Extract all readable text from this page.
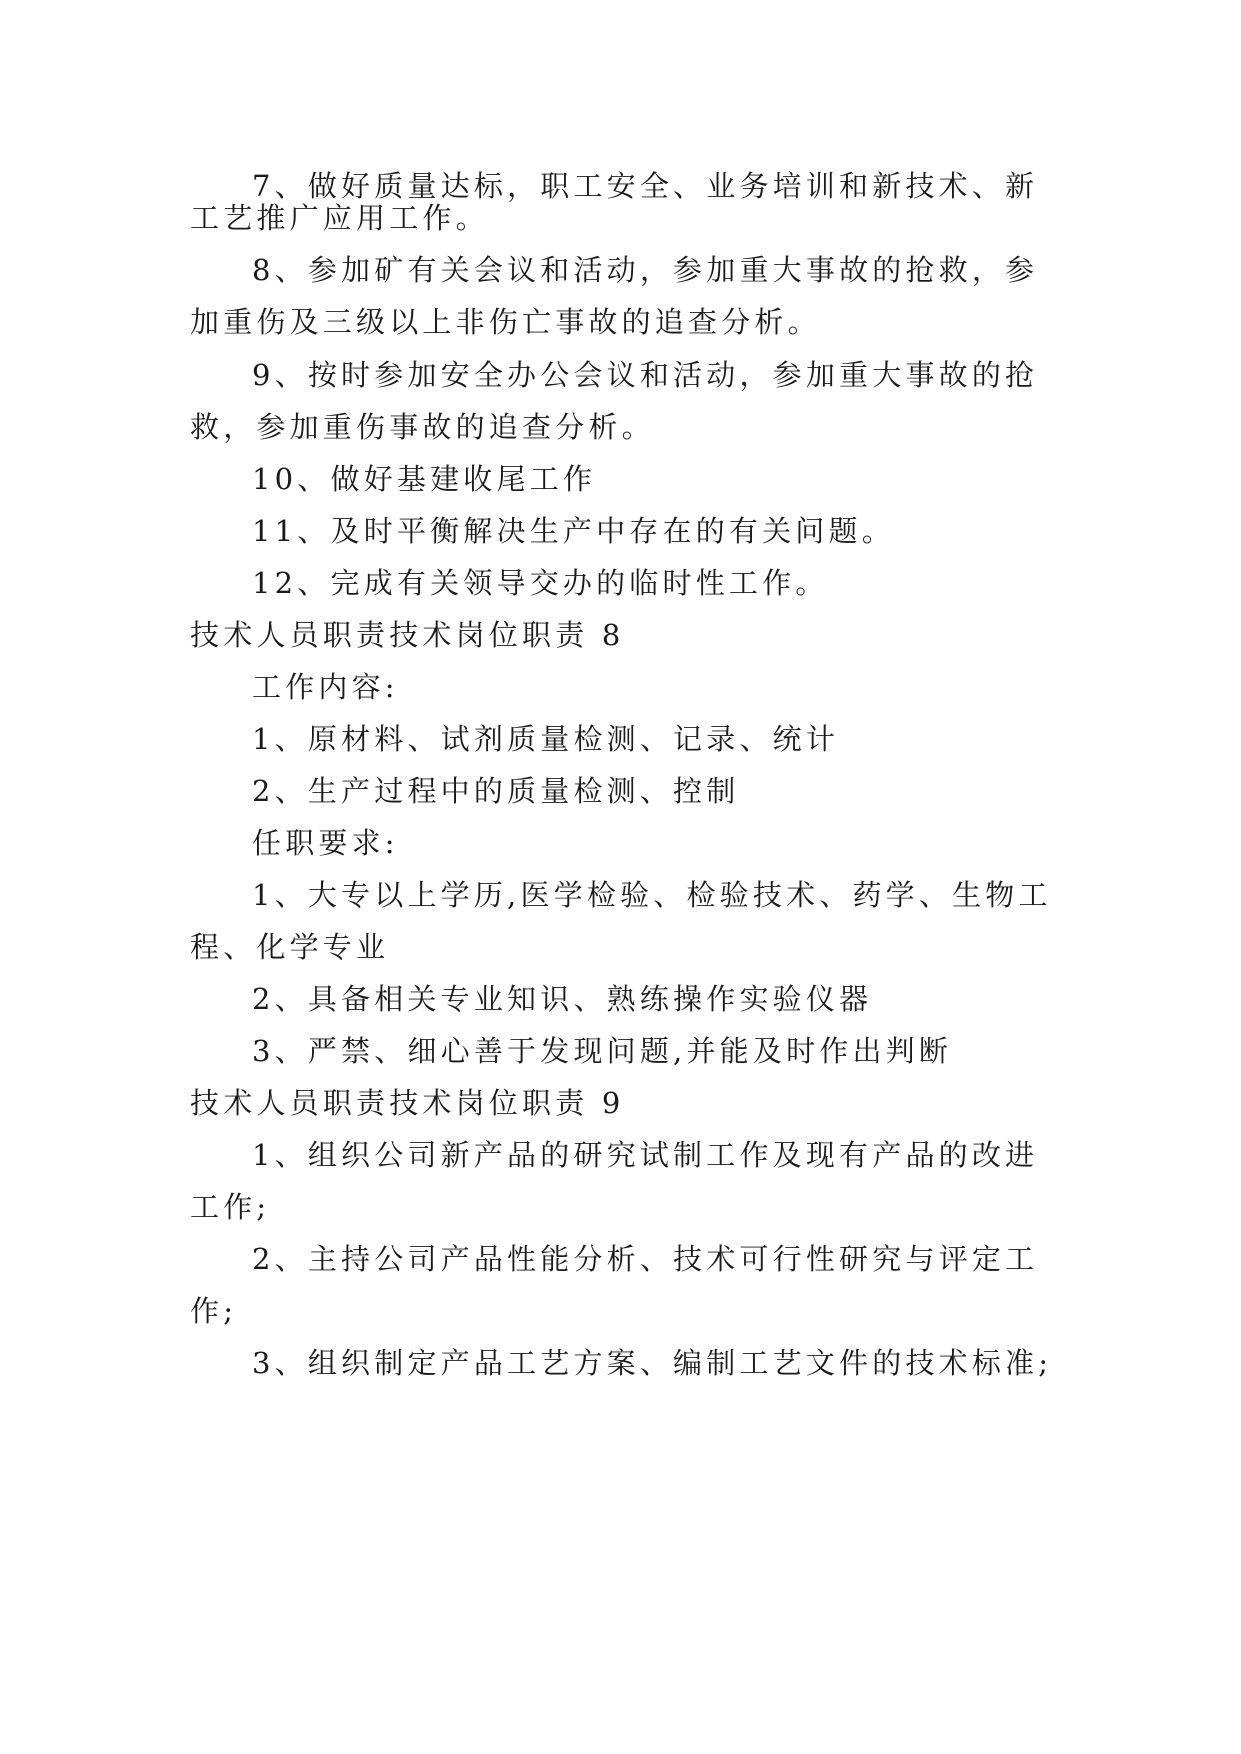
7、做好质量达标，职工安全、业务培训和新技术、新
工艺推广应用工作。
8、参加矿有关会议和活动，参加重大事故的抢救，参
加重伤及三级以上非伤亡事故的追查分析。
9、按时参加安全办公会议和活动，参加重大事故的抢
救，参加重伤事故的追查分析。
10、做好基建收尾工作
11、及时平衡解决生产中存在的有关问题。
12、完成有关领导交办的临时性工作。
技术人员职责技术岗位职责 8
工作内容:
1、原材料、试剂质量检测、记录、统计
2、生产过程中的质量检测、控制
任职要求:
1、大专以上学历,医学检验、检验技术、药学、生物工
程、化学专业
2、具备相关专业知识、熟练操作实验仪器
3、严禁、细心善于发现问题,并能及时作出判断
技术人员职责技术岗位职责 9
1、组织公司新产品的研究试制工作及现有产品的改进
工作;
2、主持公司产品性能分析、技术可行性研究与评定工
作;
3、组织制定产品工艺方案、编制工艺文件的技术标准;
